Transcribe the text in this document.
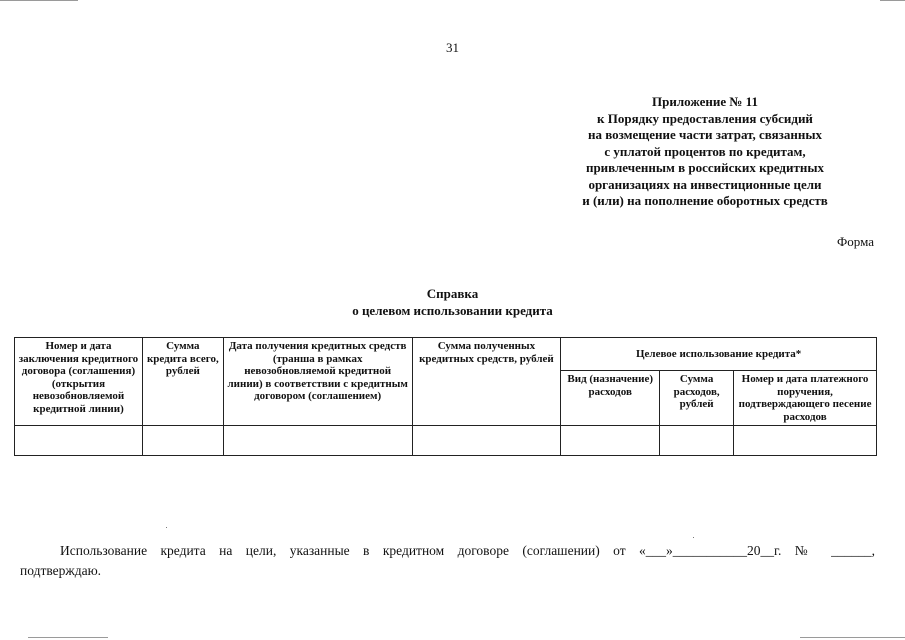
31
Приложение № 11
к Порядку предоставления субсидий
на возмещение части затрат, связанных
с уплатой процентов по кредитам,
привлеченным в российских кредитных
организациях на инвестиционные цели
и (или) на пополнение оборотных средств
Форма
Справка
о целевом использовании кредита
Номер и дата заключения кредитного договора (соглашения) (открытия невозобновляемой кредитной линии)	Сумма кредита всего, рублей	Дата получения кредитных средств (транша в рамках невозобновляемой кредитной линии) в соответствии с кредитным договором (соглашением)	Сумма полученных кредитных средств, рублей	Целевое использование кредита*		
				Вид (назначение) расходов	Сумма расходов, рублей	Номер и дата платежного поручения, подтверждающего песение расходов

Использование кредита на цели, указанные в кредитном договоре (соглашении) от «___»___________20__г. № ______,
подтверждаю.
